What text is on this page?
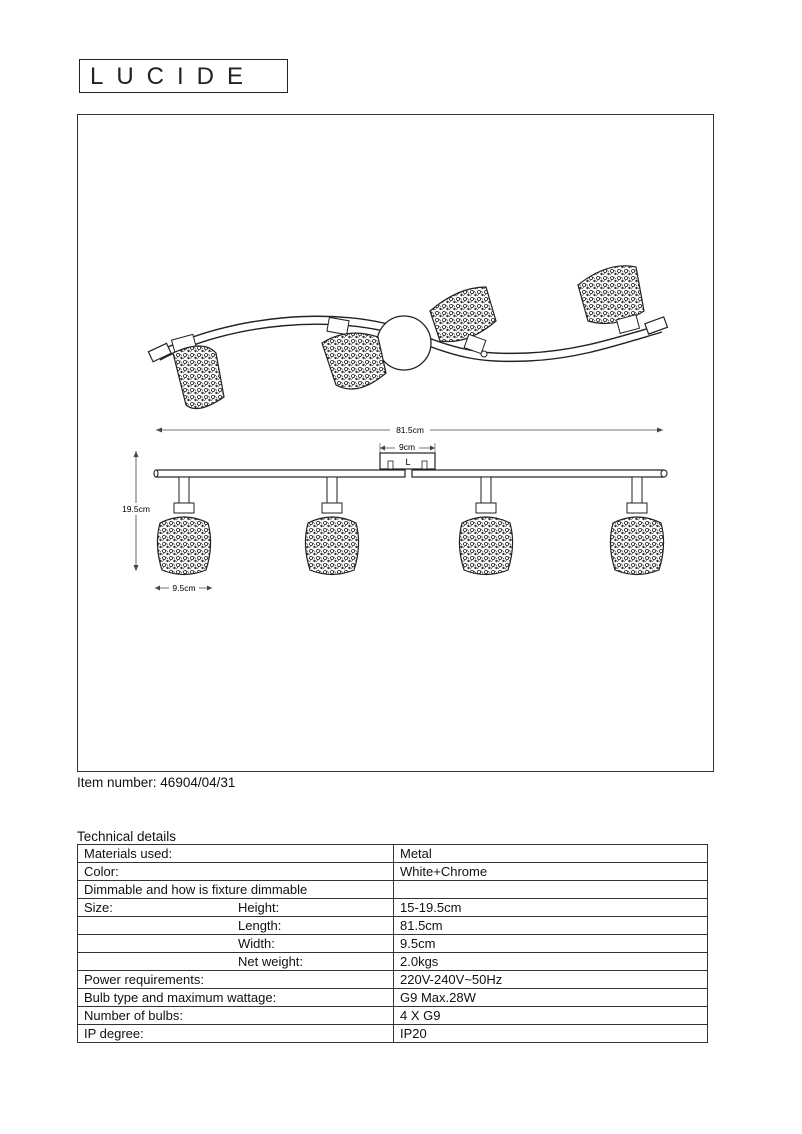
LUCIDE
81.5cm
9cm
L
19.5cm
9.5cm
Item number: 46904/04/31
Technical details
Materials used:	Metal
Color:	White+Chrome
Dimmable and how is fixture dimmable

Size: Height:	15-19.5cm

Length:	81.5cm

Width:	9.5cm

Net weight:	2.0kgs
Power requirements:	220V-240V~50Hz
Bulb type and maximum wattage:	G9 Max.28W
Number of bulbs:	4 X G9
IP degree:	IP20
